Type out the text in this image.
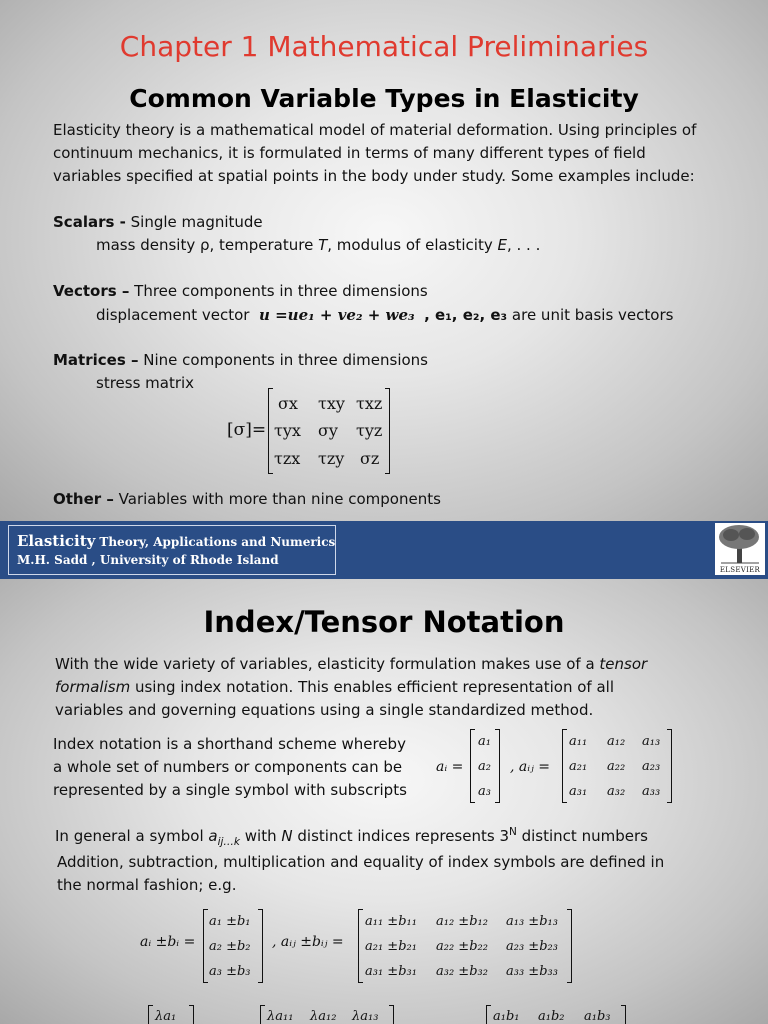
Chapter 1 Mathematical Preliminaries
Common Variable Types in Elasticity
Elasticity theory is a mathematical model of material deformation. Using principles of
continuum mechanics, it is formulated in terms of many different types of field
variables specified at spatial points in the body under study. Some examples include:
Scalars - Single magnitude
mass density ρ, temperature T, modulus of elasticity E, . . .
Vectors – Three components in three dimensions
displacement vector u =ue₁ + ve₂ + we₃ , e₁, e₂, e₃ are unit basis vectors
Matrices – Nine components in three dimensions
stress matrix
[σ]=
σx τxy τxz
τyx σy τyz
τzx τzy σz
Other – Variables with more than nine components
Elasticity Theory, Applications and Numerics
M.H. Sadd , University of Rhode Island
ELSEVIER
Index/Tensor Notation
With the wide variety of variables, elasticity formulation makes use of a tensor
formalism using index notation. This enables efficient representation of all
variables and governing equations using a single standardized method.
Index notation is a shorthand scheme whereby
a whole set of numbers or components can be
represented by a single symbol with subscripts
aᵢ =
a₁
a₂
a₃
, aᵢⱼ =
a₁₁ a₁₂ a₁₃
a₂₁ a₂₂ a₂₃
a₃₁ a₃₂ a₃₃
In general a symbol $a_{ij\dots k}$ with N distinct indices represents $3^N$ distinct numbers
Addition, subtraction, multiplication and equality of index symbols are defined in
the normal fashion; e.g.
aᵢ ±bᵢ =
a₁ ±b₁
a₂ ±b₂
a₃ ±b₃
, aᵢⱼ ±bᵢⱼ =
a₁₁ ±b₁₁ a₁₂ ±b₁₂ a₁₃ ±b₁₃
a₂₁ ±b₂₁ a₂₂ ±b₂₂ a₂₃ ±b₂₃
a₃₁ ±b₃₁ a₃₂ ±b₃₂ a₃₃ ±b₃₃
λa₁	λa₁₁ λa₁₂ λa₁₃	a₁b₁ a₁b₂ a₁b₃
